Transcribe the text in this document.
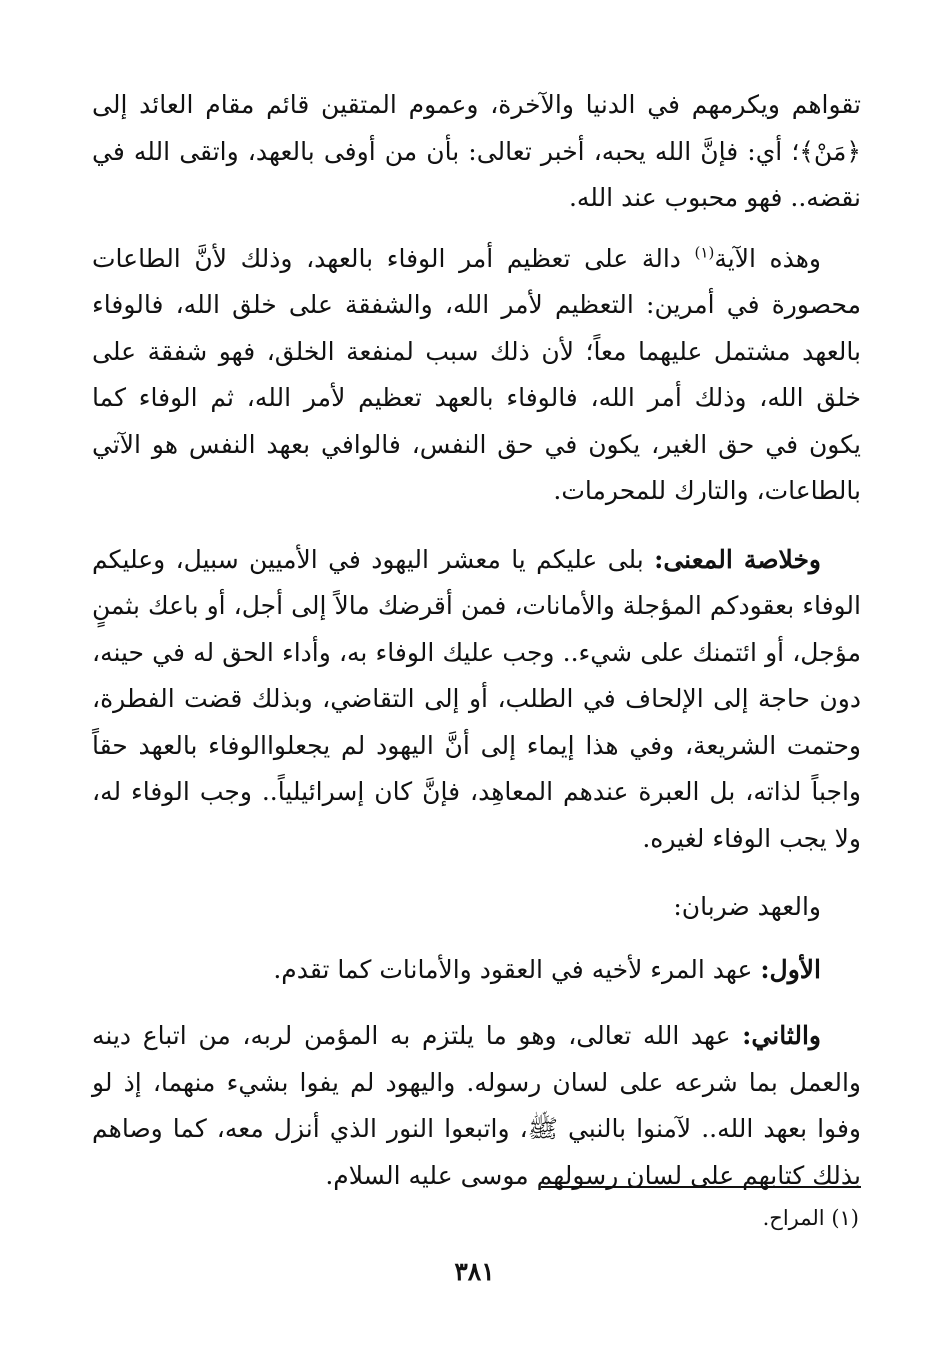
تقواهم ويكرمهم في الدنيا والآخرة، وعموم المتقين قائم مقام العائد إلى ﴿مَنْ﴾؛ أي: فإنَّ الله يحبه، أخبر تعالى: بأن من أوفى بالعهد، واتقى الله في نقضه.. فهو محبوب عند الله.

وهذه الآية$^{(١)}$ دالة على تعظيم أمر الوفاء بالعهد، وذلك لأنَّ الطاعات محصورة في أمرين: التعظيم لأمر الله، والشفقة على خلق الله، فالوفاء بالعهد مشتمل عليهما معاً؛ لأن ذلك سبب لمنفعة الخلق، فهو شفقة على خلق الله، وذلك أمر الله، فالوفاء بالعهد تعظيم لأمر الله، ثم الوفاء كما يكون في حق الغير، يكون في حق النفس، فالوافي بعهد النفس هو الآتي بالطاعات، والتارك للمحرمات.

وخلاصة المعنى: بلى عليكم يا معشر اليهود في الأميين سبيل، وعليكم الوفاء بعقودكم المؤجلة والأمانات، فمن أقرضك مالاً إلى أجل، أو باعك بثمنٍ مؤجل، أو ائتمنك على شيء.. وجب عليك الوفاء به، وأداء الحق له في حينه، دون حاجة إلى الإلحاف في الطلب، أو إلى التقاضي، وبذلك قضت الفطرة، وحتمت الشريعة، وفي هذا إيماء إلى أنَّ اليهود لم يجعلواالوفاء بالعهد حقاً واجباً لذاته، بل العبرة عندهم المعاهِد، فإنَّ كان إسرائيلياً.. وجب الوفاء له، ولا يجب الوفاء لغيره.

والعهد ضربان:

الأول: عهد المرء لأخيه في العقود والأمانات كما تقدم.

والثاني: عهد الله تعالى، وهو ما يلتزم به المؤمن لربه، من اتباع دينه والعمل بما شرعه على لسان رسوله. واليهود لم يفوا بشيء منهما، إذ لو وفوا بعهد الله.. لآمنوا بالنبي ﷺ، واتبعوا النور الذي أنزل معه، كما وصاهم بذلك كتابهم على لسان رسولهم موسى عليه السلام.

(١) المراح.
٣٨١
